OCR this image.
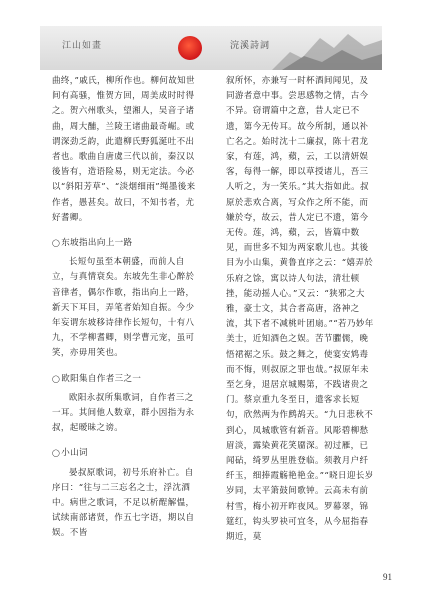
江山如畫	浣溪詩詞

曲终，”戚氏，柳所作也。柳何故知世间有高骚，惟贺方回，周美成时时得之。贺六州歌头，望湘人，吴音子诸曲，周大酺，兰陵王诸曲最奇崛。或谓深劲乏韵，此遣柳氏野狐涎吐不出者也。歌曲自唐虞三代以前，秦汉以後皆有，造语险易，则无定法。今必以“斜阳芳草”、“淡烟细雨”绳墨後来作者，愚甚矣。故曰，不知书者，尤好耆卿。

◯东坡指出向上一路

长短句虽至本朝盛，而前人自立，与真情衰矣。东坡先生非心醉於音律者，偶尔作歌，指出向上一路，新天下耳目，弄笔者始知自振。今少年妄谓东坡移诗律作长短句，十有八九，不学柳耆卿，则学曹元宠，虽可笑，亦毋用笑也。

◯欧阳集自作者三之一

欧阳永叔所集歌词，自作者三之一耳。其间他人数章，群小因指为永叔，起暧昧之谤。

◯小山词

晏叔原歌词，初号乐府补亡。自序曰：“往与二三忘名之士，浮沈酒中。病世之歌词，不足以析酲解愠，试续南部诸贤，作五七字语，期以自娱。不皆

叙所怀，亦兼写一时杯酒间闻见，及同游者意中事。尝思感物之情，古今不异。窃谓篇中之意，昔人定已不遗，第今无传耳。故今所制，通以补亡名之。始时沈十二廉叔，陈十君龙家，有莲，鸿，蘋，云，工以清妍娱客，每得一解，即以草授诸儿，吾三人听之，为一笑乐。”其大指如此。叔原於悲欢合离，写众作之所不能，而嫌於夸，故云，昔人定已不遗，第今无传。莲，鸿，蘋，云，皆篇中数见，而世多不知为两家歌儿也。其後目为小山集，黄鲁直序之云：“嬉弄於乐府之馀，寓以诗人句法，清壮顿挫，能动摇人心。”又云：“狭邪之大雅，豪士文，其合者高唐，洛神之流，其下者不减桃叶团扇。”“若乃妙年美士，近知酒色之娱。苦节臞儒，晚悟裙裾之乐。鼓之舞之，使宴安鸩毒而不悔，则叔原之罪也哉。”叔原年未至乞身，退居京城赐第，不践诸贵之门。蔡京重九冬至日，遣客求长短句，欣然两为作鹧鸪天。“九日悲秋不到心，凤城歌管有新音。风彫碧柳愁眉淡，露染黄花笑靥深。初过雁，已闻砧，绮罗丛里胜登临。须教月户纤纤玉，细捧霞觞艳艳金。”“晓日迎长岁岁同，太平箫鼓间歌钟。云高未有前村雪，梅小初开昨夜风。罗幕翠，锦筵红，钩头罗袂可宜冬，从今屈指春期近，莫

91
